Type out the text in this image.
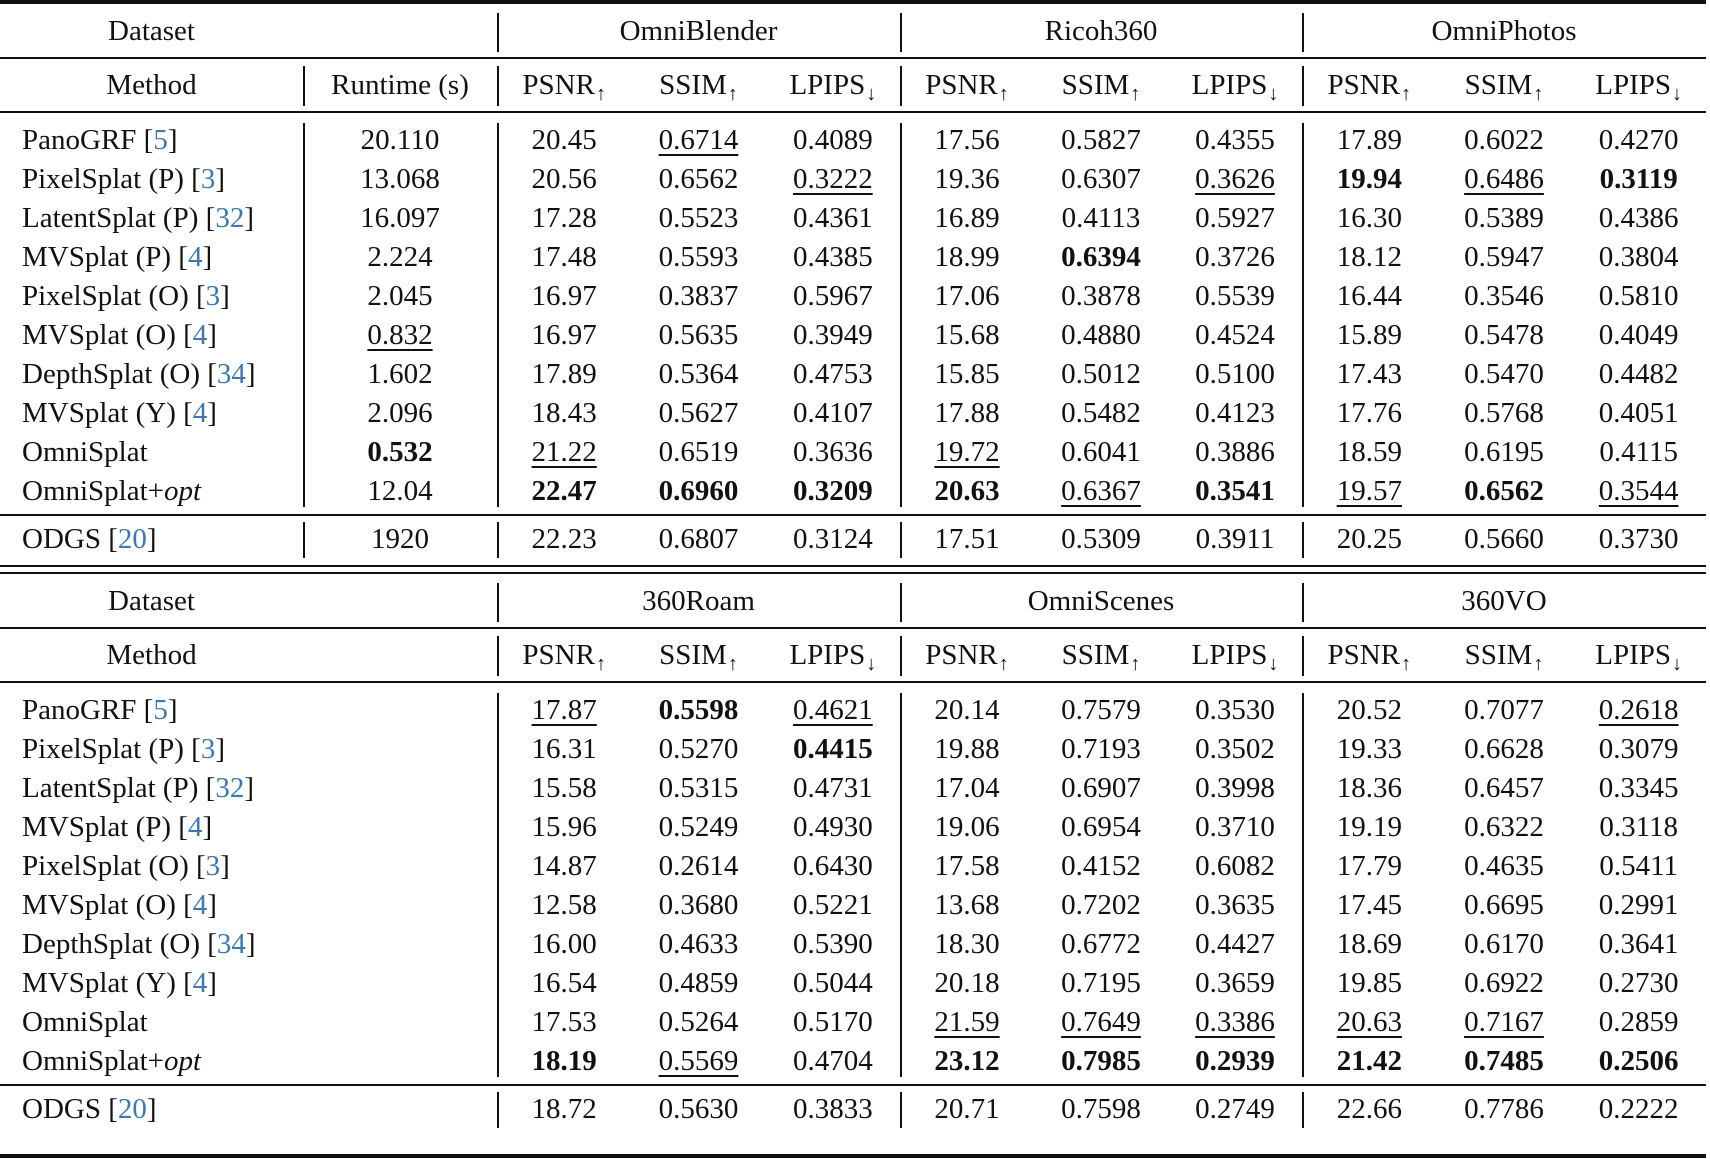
Dataset	OmniBlender	Ricoh360	OmniPhotos
Method	Runtime (s) PSNR ↑ SSIM ↑ LPIPS ↓ PSNR ↑ SSIM ↑ LPIPS ↓ PSNR ↑ SSIM ↑ LPIPS ↓
PanoGRF [ 5 ]	20.110	20.45 0.6714 0.4089 17.56 0.5827 0.4355 17.89 0.6022 0.4270
PixelSplat (P) [ 3 ]	13.068	20.56 0.6562 0.3222 19.36 0.6307 0.3626 19.94 0.6486 0.3119
LatentSplat (P) [ 32 ]	16.097	17.28 0.5523 0.4361 16.89 0.4113 0.5927 16.30 0.5389 0.4386
MVSplat (P) [ 4 ]	2.224	17.48 0.5593 0.4385 18.99 0.6394 0.3726 18.12 0.5947 0.3804
PixelSplat (O) [ 3 ]	2.045	16.97 0.3837 0.5967 17.06 0.3878 0.5539 16.44 0.3546 0.5810
MVSplat (O) [ 4 ]	0.832	16.97 0.5635 0.3949 15.68 0.4880 0.4524 15.89 0.5478 0.4049
DepthSplat (O) [ 34 ]	1.602	17.89 0.5364 0.4753 15.85 0.5012 0.5100 17.43 0.5470 0.4482
MVSplat (Y) [ 4 ]	2.096	18.43 0.5627 0.4107 17.88 0.5482 0.4123 17.76 0.5768 0.4051
OmniSplat	0.532	21.22 0.6519 0.3636 19.72 0.6041 0.3886 18.59 0.6195 0.4115
OmniSplat+ opt	12.04	22.47 0.6960 0.3209 20.63 0.6367 0.3541 19.57 0.6562 0.3544
ODGS [ 20 ]	1920	22.23 0.6807 0.3124 17.51 0.5309 0.3911 20.25 0.5660 0.3730
Dataset	360Roam	OmniScenes	360VO
Method	PSNR ↑ SSIM ↑ LPIPS ↓ PSNR ↑ SSIM ↑ LPIPS ↓ PSNR ↑ SSIM ↑ LPIPS ↓
PanoGRF [ 5 ]	17.87 0.5598 0.4621 20.14 0.7579 0.3530 20.52 0.7077 0.2618
PixelSplat (P) [ 3 ]	16.31 0.5270 0.4415 19.88 0.7193 0.3502 19.33 0.6628 0.3079
LatentSplat (P) [ 32 ]	15.58 0.5315 0.4731 17.04 0.6907 0.3998 18.36 0.6457 0.3345
MVSplat (P) [ 4 ]	15.96 0.5249 0.4930 19.06 0.6954 0.3710 19.19 0.6322 0.3118
PixelSplat (O) [ 3 ]	14.87 0.2614 0.6430 17.58 0.4152 0.6082 17.79 0.4635 0.5411
MVSplat (O) [ 4 ]	12.58 0.3680 0.5221 13.68 0.7202 0.3635 17.45 0.6695 0.2991
DepthSplat (O) [ 34 ]	16.00 0.4633 0.5390 18.30 0.6772 0.4427 18.69 0.6170 0.3641
MVSplat (Y) [ 4 ]	16.54 0.4859 0.5044 20.18 0.7195 0.3659 19.85 0.6922 0.2730
OmniSplat	17.53 0.5264 0.5170 21.59 0.7649 0.3386 20.63 0.7167 0.2859
OmniSplat+ opt	18.19 0.5569 0.4704 23.12 0.7985 0.2939 21.42 0.7485 0.2506
ODGS [ 20 ]	18.72 0.5630 0.3833 20.71 0.7598 0.2749 22.66 0.7786 0.2222
